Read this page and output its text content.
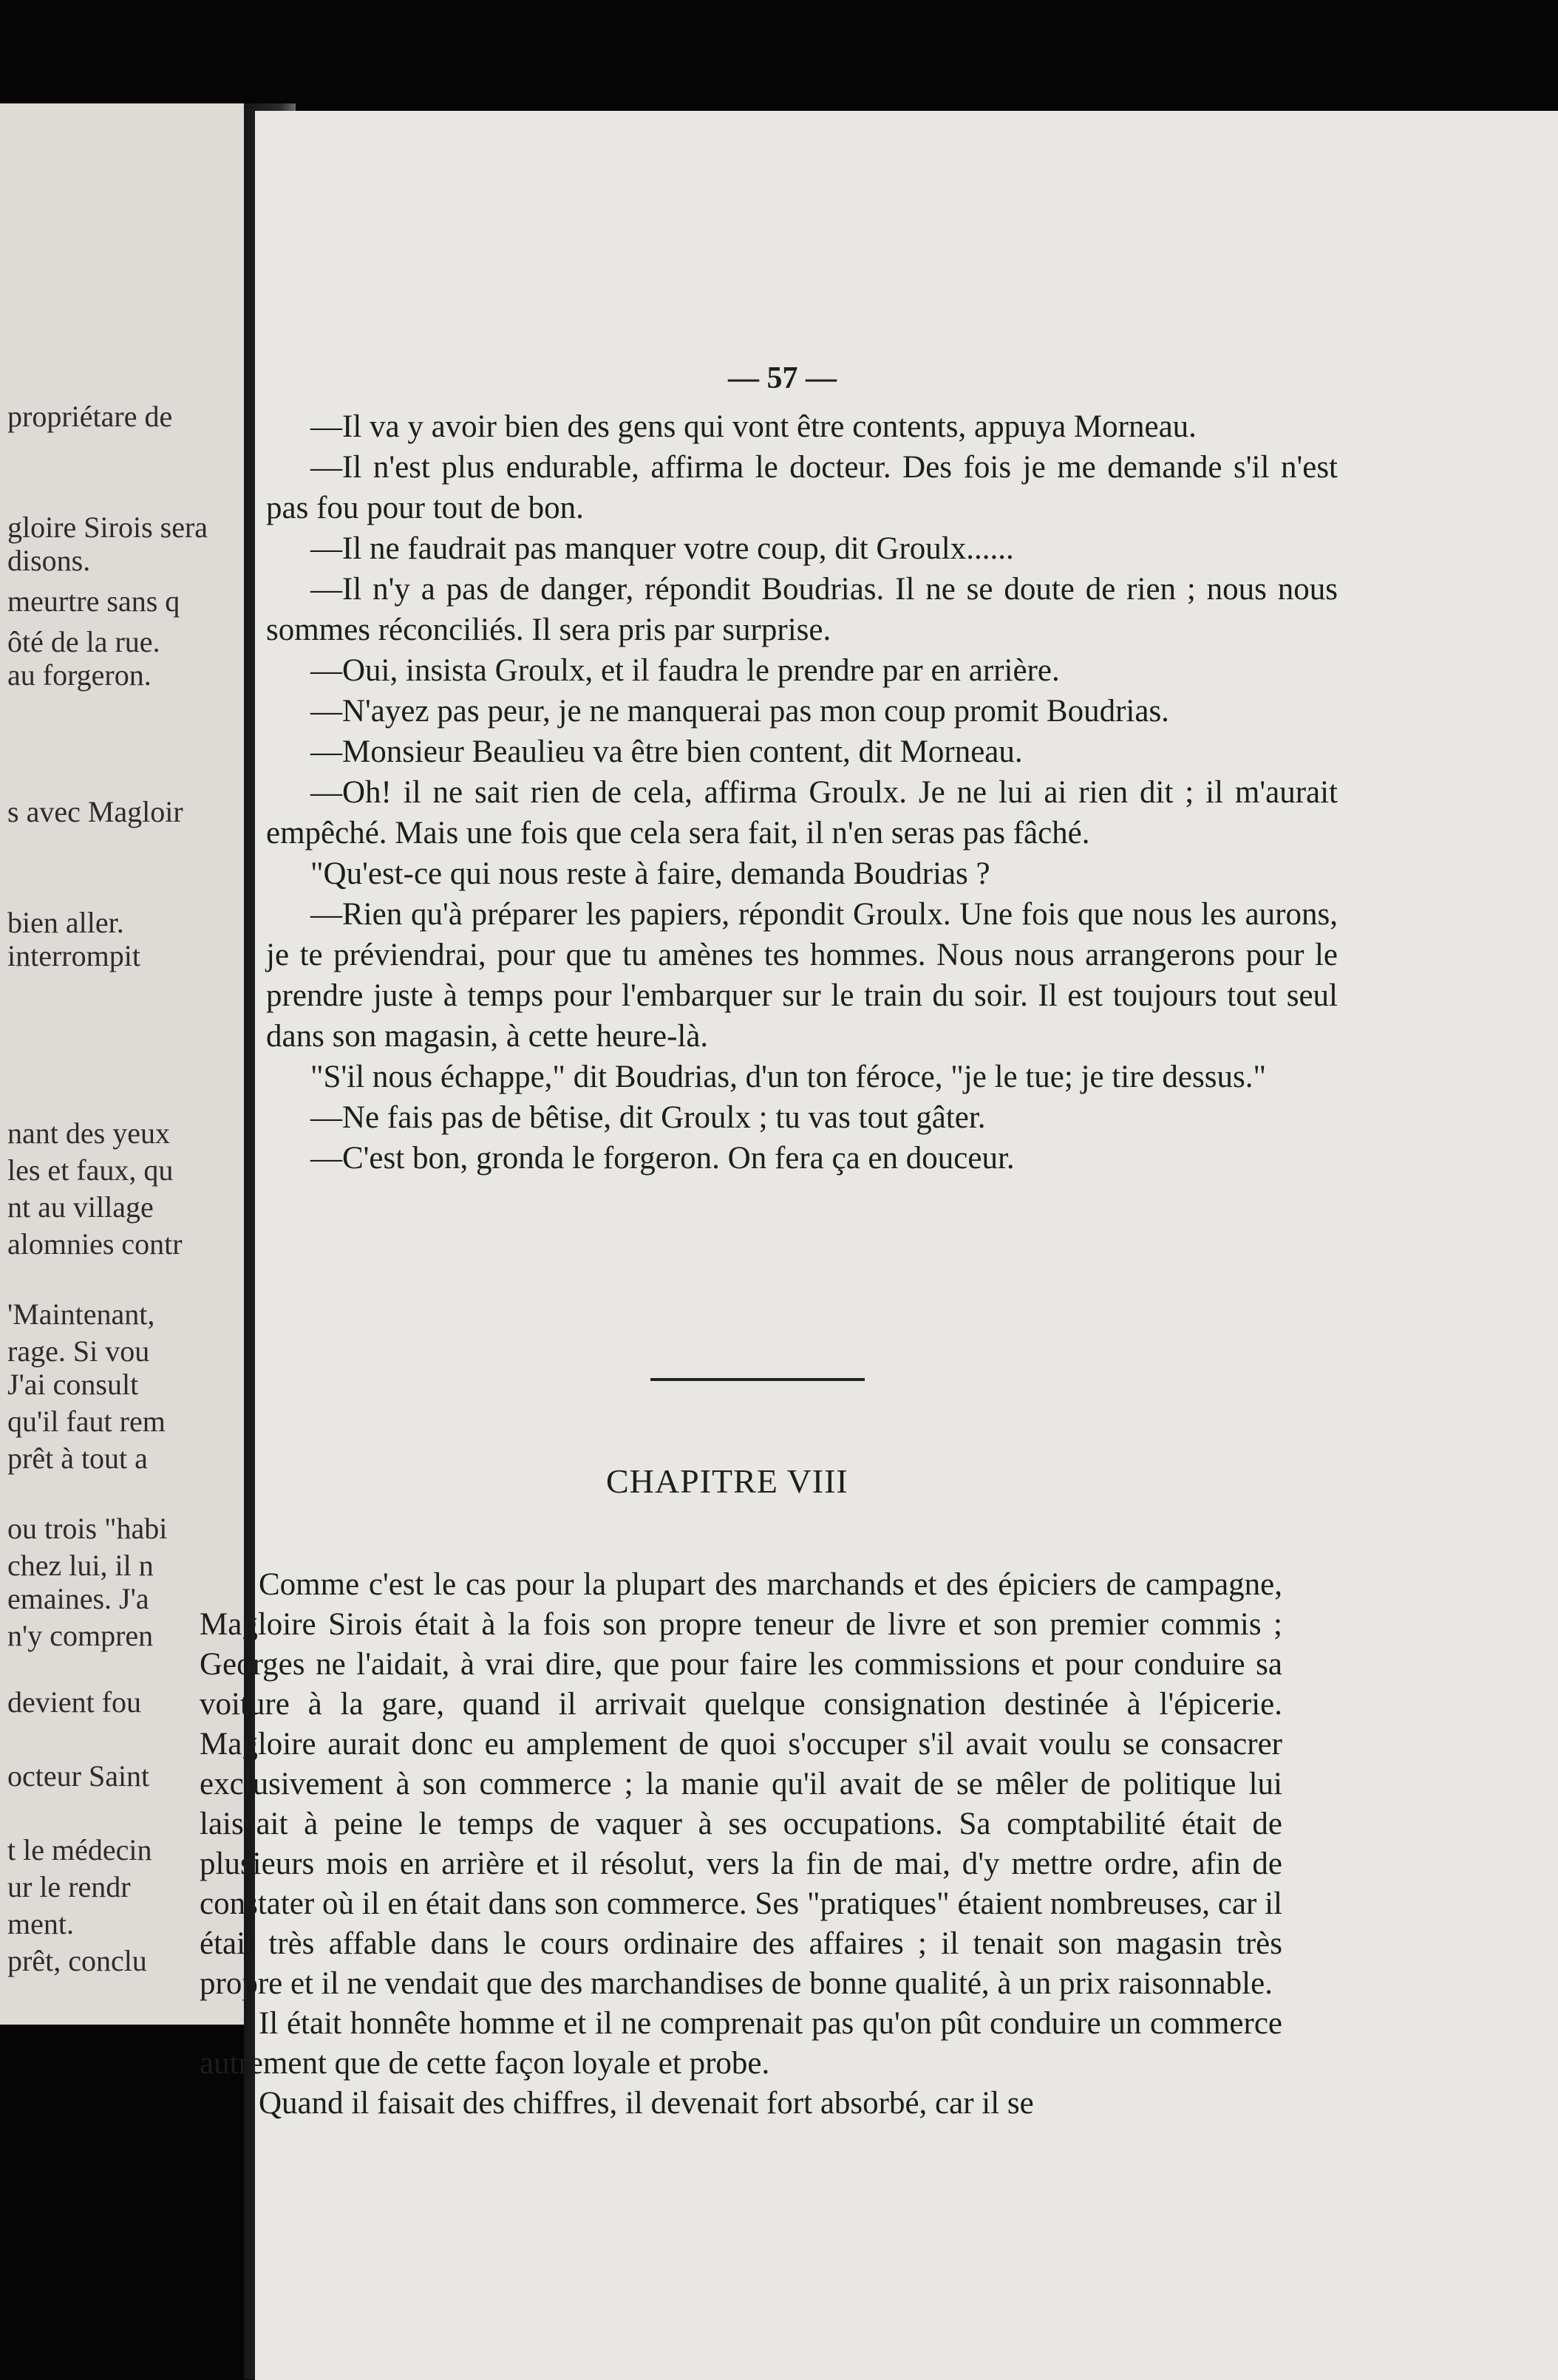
propriétare de
gloire Sirois sera
disons.
meurtre sans q
ôté de la rue.
au forgeron.
s avec Magloir
bien aller.
interrompit
nant des yeux
les et faux, qu
nt au village
alomnies contr
'Maintenant,
rage. Si vou
J'ai consult
qu'il faut rem
prêt à tout a
ou trois "habi
chez lui, il n
emaines. J'a
n'y compren
devient fou
octeur Saint
t le médecin
ur le rendr
ment.
prêt, conclu
— 57 —

—Il va y avoir bien des gens qui vont être contents, appuya Morneau.

—Il n'est plus endurable, affirma le docteur. Des fois je me demande s'il n'est pas fou pour tout de bon.

—Il ne faudrait pas manquer votre coup, dit Groulx......

—Il n'y a pas de danger, répondit Boudrias. Il ne se doute de rien ; nous nous sommes réconciliés. Il sera pris par surprise.

—Oui, insista Groulx, et il faudra le prendre par en arrière.

—N'ayez pas peur, je ne manquerai pas mon coup promit Boudrias.

—Monsieur Beaulieu va être bien content, dit Morneau.

—Oh! il ne sait rien de cela, affirma Groulx. Je ne lui ai rien dit ; il m'aurait empêché. Mais une fois que cela sera fait, il n'en seras pas fâché.

"Qu'est-ce qui nous reste à faire, demanda Boudrias ?

—Rien qu'à préparer les papiers, répondit Groulx. Une fois que nous les aurons, je te préviendrai, pour que tu amènes tes hommes. Nous nous arrangerons pour le prendre juste à temps pour l'embarquer sur le train du soir. Il est toujours tout seul dans son magasin, à cette heure-là.

"S'il nous échappe," dit Boudrias, d'un ton féroce, "je le tue; je tire dessus."

—Ne fais pas de bêtise, dit Groulx ; tu vas tout gâter.

—C'est bon, gronda le forgeron. On fera ça en douceur.

CHAPITRE VIII

Comme c'est le cas pour la plupart des marchands et des épiciers de campagne, Magloire Sirois était à la fois son propre teneur de livre et son premier commis ; Georges ne l'aidait, à vrai dire, que pour faire les commissions et pour conduire sa voiture à la gare, quand il arrivait quelque consignation destinée à l'épicerie. Magloire aurait donc eu amplement de quoi s'occuper s'il avait voulu se consacrer exclusivement à son commerce ; la manie qu'il avait de se mêler de politique lui laissait à peine le temps de vaquer à ses occupations. Sa comptabilité était de plusieurs mois en arrière et il résolut, vers la fin de mai, d'y mettre ordre, afin de constater où il en était dans son commerce. Ses "pratiques" étaient nombreuses, car il était très affable dans le cours ordinaire des affaires ; il tenait son magasin très propre et il ne vendait que des marchandises de bonne qualité, à un prix raisonnable.

Il était honnête homme et il ne comprenait pas qu'on pût conduire un commerce autrement que de cette façon loyale et probe.

Quand il faisait des chiffres, il devenait fort absorbé, car il se
